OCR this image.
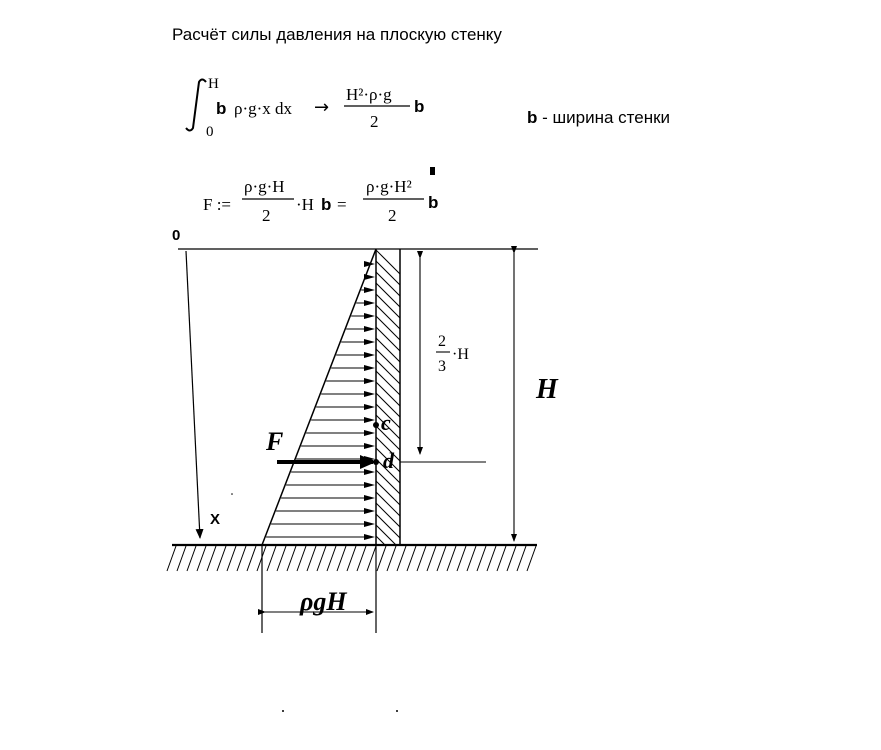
Расчёт силы давления на плоскую стенку
b - ширина стенки
H
0
b ρ·g·x dx →
H²·ρ·g
2
b
F :=
ρ·g·H
2
·H b =
ρ·g·H²
2
b
0
X
F
c
d
2
3
·H
H
ρgH
